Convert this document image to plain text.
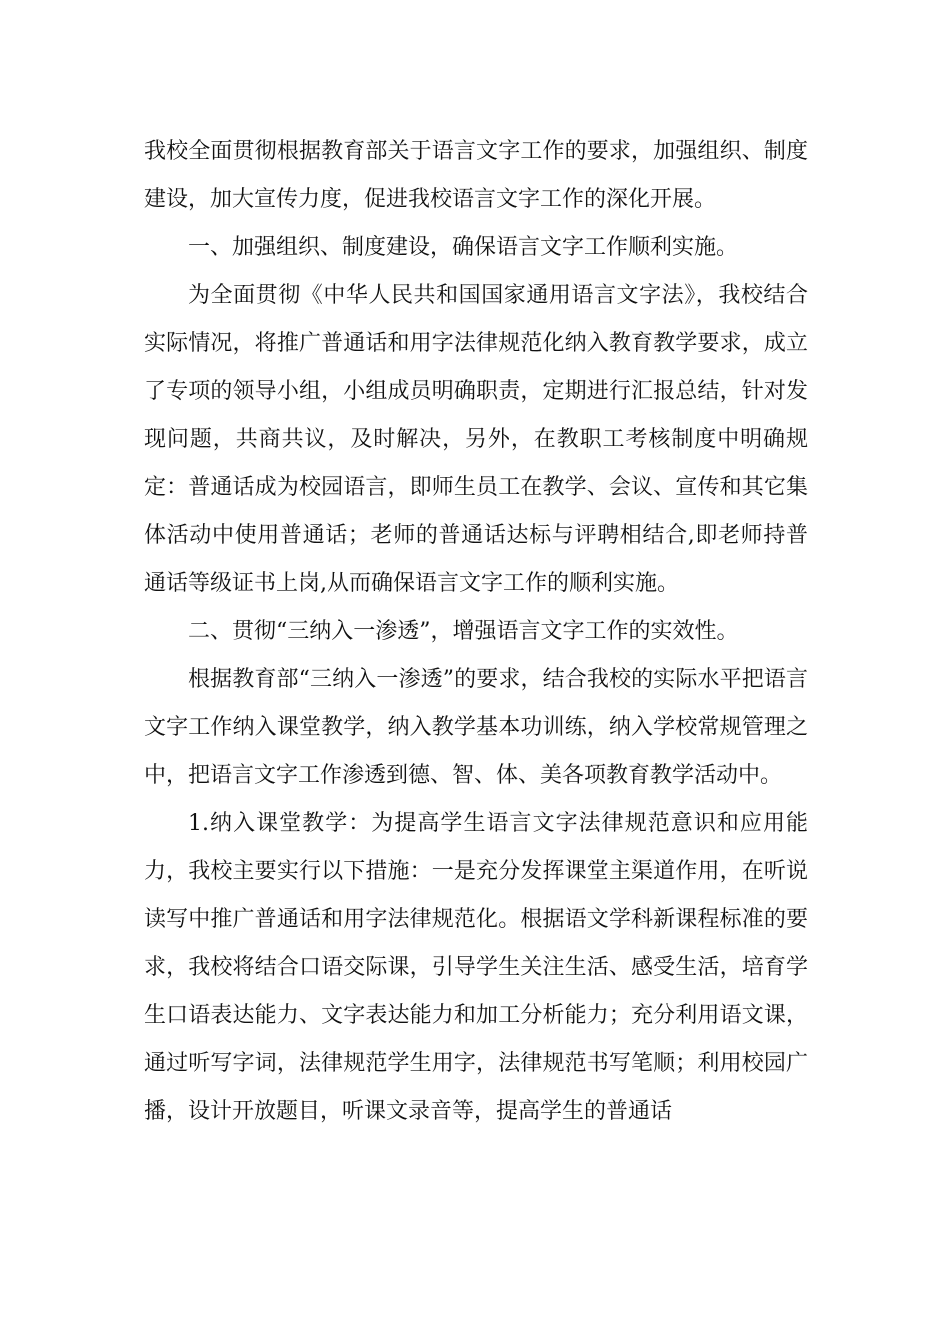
我校全面贯彻根据教育部关于语言文字工作的要求，加强组织、制度建设，加大宣传力度，促进我校语言文字工作的深化开展。

一、加强组织、制度建设，确保语言文字工作顺利实施。

为全面贯彻《中华人民共和国国家通用语言文字法》，我校结合实际情况，将推广普通话和用字法律规范化纳入教育教学要求，成立了专项的领导小组，小组成员明确职责，定期进行汇报总结，针对发现问题，共商共议，及时解决，另外，在教职工考核制度中明确规定：普通话成为校园语言，即师生员工在教学、会议、宣传和其它集体活动中使用普通话；老师的普通话达标与评聘相结合,即老师持普通话等级证书上岗,从而确保语言文字工作的顺利实施。

二、贯彻“三纳入一渗透”，增强语言文字工作的实效性。

根据教育部“三纳入一渗透”的要求，结合我校的实际水平把语言文字工作纳入课堂教学，纳入教学基本功训练，纳入学校常规管理之中，把语言文字工作渗透到德、智、体、美各项教育教学活动中。

1.纳入课堂教学：为提高学生语言文字法律规范意识和应用能力，我校主要实行以下措施：一是充分发挥课堂主渠道作用，在听说读写中推广普通话和用字法律规范化。根据语文学科新课程标准的要求，我校将结合口语交际课，引导学生关注生活、感受生活，培育学生口语表达能力、文字表达能力和加工分析能力；充分利用语文课，通过听写字词，法律规范学生用字，法律规范书写笔顺；利用校园广播，设计开放题目，听课文录音等，提高学生的普通话
